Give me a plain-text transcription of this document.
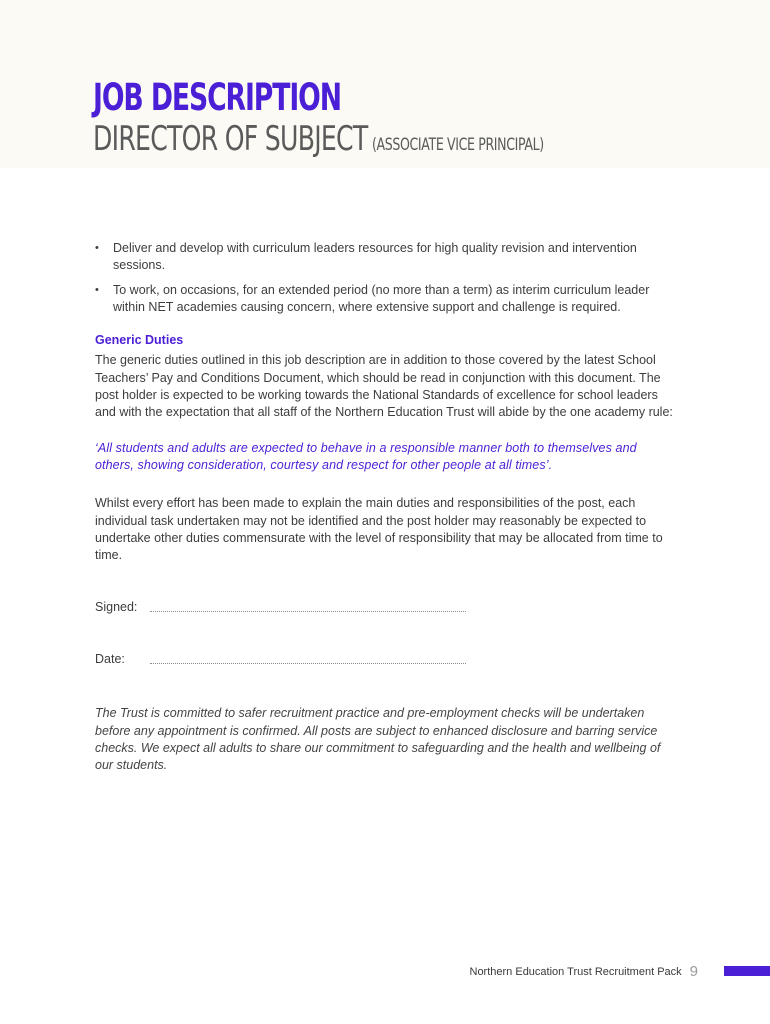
JOB DESCRIPTION
DIRECTOR OF SUBJECT (ASSOCIATE VICE PRINCIPAL)
• Deliver and develop with curriculum leaders resources for high quality revision and intervention sessions.
• To work, on occasions, for an extended period (no more than a term) as interim curriculum leader within NET academies causing concern, where extensive support and challenge is required.
Generic Duties

The generic duties outlined in this job description are in addition to those covered by the latest School Teachers’ Pay and Conditions Document, which should be read in conjunction with this document. The post holder is expected to be working towards the National Standards of excellence for school leaders and with the expectation that all staff of the Northern Education Trust will abide by the one academy rule:

‘All students and adults are expected to behave in a responsible manner both to themselves and others, showing consideration, courtesy and respect for other people at all times’.

Whilst every effort has been made to explain the main duties and responsibilities of the post, each individual task undertaken may not be identified and the post holder may reasonably be expected to undertake other duties commensurate with the level of responsibility that may be allocated from time to time.

Signed:
Date:

The Trust is committed to safer recruitment practice and pre-employment checks will be undertaken before any appointment is confirmed. All posts are subject to enhanced disclosure and barring service checks. We expect all adults to share our commitment to safeguarding and the health and wellbeing of our students.

Northern Education Trust Recruitment Pack 9
